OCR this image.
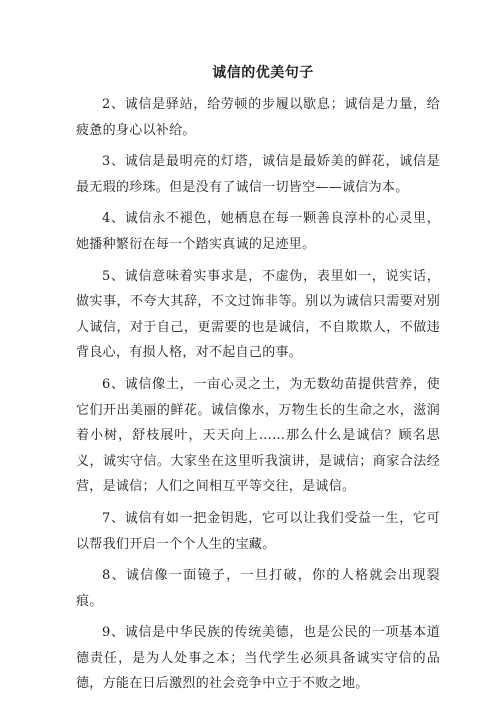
诚信的优美句子

2、诚信是驿站，给劳顿的步履以歇息；诚信是力量，给疲惫的身心以补给。

3、诚信是最明亮的灯塔，诚信是最娇美的鲜花，诚信是最无瑕的珍珠。但是没有了诚信一切皆空——诚信为本。

4、诚信永不褪色，她栖息在每一颗善良淳朴的心灵里，她播种繁衍在每一个踏实真诚的足迹里。

5、诚信意味着实事求是，不虚伪，表里如一，说实话，做实事，不夸大其辞，不文过饰非等。别以为诚信只需要对别人诚信，对于自己，更需要的也是诚信，不自欺欺人，不做违背良心，有损人格，对不起自己的事。

6、诚信像土，一亩心灵之土，为无数幼苗提供营养，使它们开出美丽的鲜花。诚信像水，万物生长的生命之水，滋润着小树，舒枝展叶，天天向上……那么什么是诚信？顾名思义，诚实守信。大家坐在这里听我演讲，是诚信；商家合法经营，是诚信；人们之间相互平等交往，是诚信。

7、诚信有如一把金钥匙，它可以让我们受益一生，它可以帮我们开启一个个人生的宝藏。

8、诚信像一面镜子，一旦打破，你的人格就会出现裂痕。

9、诚信是中华民族的传统美德，也是公民的一项基本道德责任，是为人处事之本；当代学生必须具备诚实守信的品德，方能在日后激烈的社会竞争中立于不败之地。
